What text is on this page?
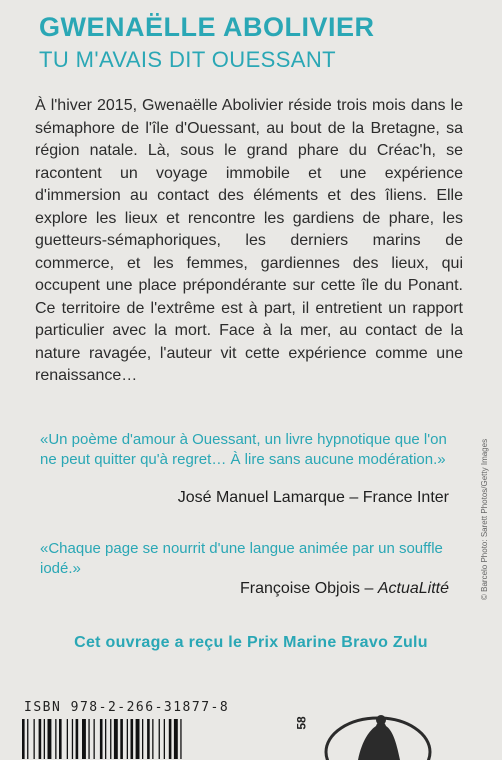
GWENAËLLE ABOLIVIER
TU M'AVAIS DIT OUESSANT

À l'hiver 2015, Gwenaëlle Abolivier réside trois mois dans le sémaphore de l'île d'Ouessant, au bout de la Bretagne, sa région natale. Là, sous le grand phare du Créac'h, se racontent un voyage immobile et une expérience d'immersion au contact des éléments et des îliens. Elle explore les lieux et rencontre les gardiens de phare, les guetteurs-sémaphoriques, les derniers marins de commerce, et les femmes, gardiennes des lieux, qui occupent une place prépondérante sur cette île du Ponant. Ce territoire de l'extrême est à part, il entretient un rapport particulier avec la mort. Face à la mer, au contact de la nature ravagée, l'auteur vit cette expérience comme une renaissance…

«Un poème d'amour à Ouessant, un livre hypnotique que l'on ne peut quitter qu'à regret… À lire sans aucune modération.»
José Manuel Lamarque – France Inter
«Chaque page se nourrit d'une langue animée par un souffle iodé.»
Françoise Objois – ActuaLitté
Cet ouvrage a reçu le Prix Marine Bravo Zulu
ISBN 978-2-266-31877-8
58
© Barcelo Photo: Sarett Photos/Getty Images
